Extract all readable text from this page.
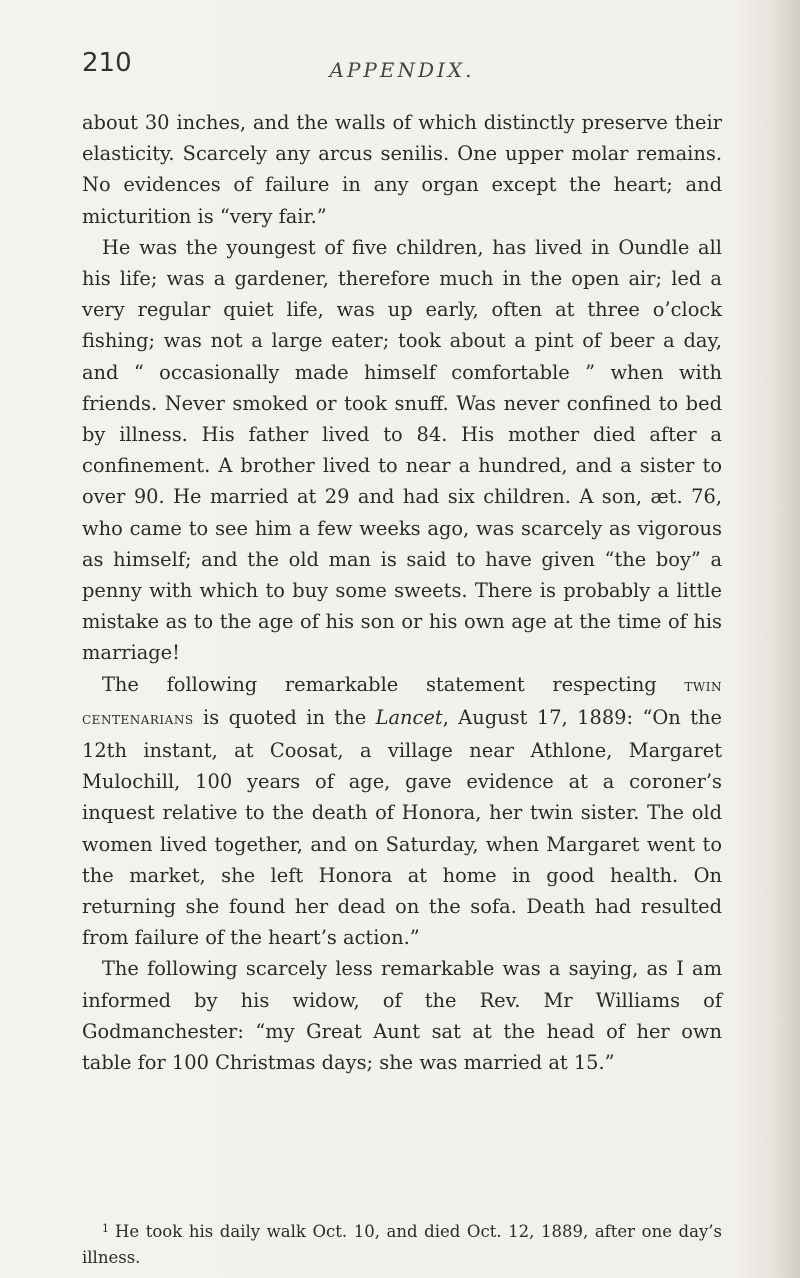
210	APPENDIX.

about 30 inches, and the walls of which distinctly preserve their elasticity. Scarcely any arcus senilis. One upper molar remains. No evidences of failure in any organ except the heart; and micturition is “very fair.”

He was the youngest of five children, has lived in Oundle all his life; was a gardener, therefore much in the open air; led a very regular quiet life, was up early, often at three o’clock fishing; was not a large eater; took about a pint of beer a day, and “ occasionally made himself comfortable ” when with friends. Never smoked or took snuff. Was never confined to bed by illness. His father lived to 84. His mother died after a confinement. A brother lived to near a hundred, and a sister to over 90. He married at 29 and had six children. A son, æt. 76, who came to see him a few weeks ago, was scarcely as vigorous as himself; and the old man is said to have given “the boy” a penny with which to buy some sweets. There is probably a little mistake as to the age of his son or his own age at the time of his marriage!

The following remarkable statement respecting twin centenarians is quoted in the Lancet, August 17, 1889: “On the 12th instant, at Coosat, a village near Athlone, Margaret Mulochill, 100 years of age, gave evidence at a coroner’s inquest relative to the death of Honora, her twin sister. The old women lived together, and on Saturday, when Margaret went to the market, she left Honora at home in good health. On returning she found her dead on the sofa. Death had resulted from failure of the heart’s action.”

The following scarcely less remarkable was a saying, as I am informed by his widow, of the Rev. Mr Williams of Godmanchester: “my Great Aunt sat at the head of her own table for 100 Christmas days; she was married at 15.”

$^1$ He took his daily walk Oct. 10, and died Oct. 12, 1889, after one day’s illness.
